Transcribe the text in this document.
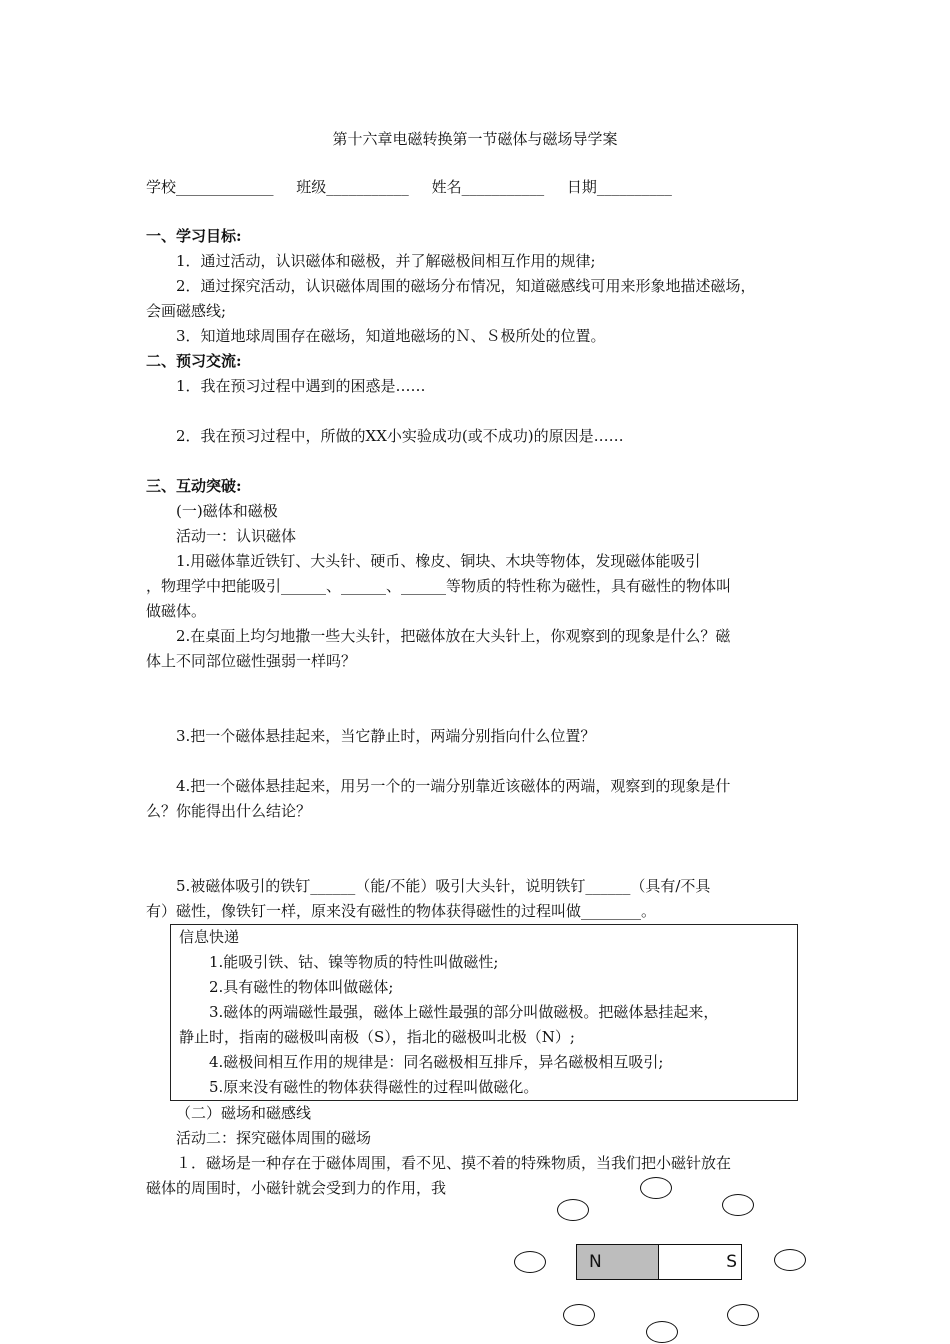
第十六章电磁转换第一节磁体与磁场导学案
学校_____________ 班级___________ 姓名___________ 日期__________

一、学习目标:

1．通过活动，认识磁体和磁极，并了解磁极间相互作用的规律;

2．通过探究活动，认识磁体周围的磁场分布情况，知道磁感线可用来形象地描述磁场，

会画磁感线;

3．知道地球周围存在磁场，知道地磁场的Ｎ、Ｓ极所处的位置。

二、预习交流:

1．我在预习过程中遇到的困惑是……

2．我在预习过程中，所做的XX小实验成功(或不成功)的原因是……

三、互动突破:

(一)磁体和磁极

活动一：认识磁体

1.用磁体靠近铁钉、大头针、硬币、橡皮、铜块、木块等物体，发现磁体能吸引

，物理学中把能吸引______、______、______等物质的特性称为磁性，具有磁性的物体叫

做磁体。

2.在桌面上均匀地撒一些大头针，把磁体放在大头针上，你观察到的现象是什么？磁

体上不同部位磁性强弱一样吗？

3.把一个磁体悬挂起来，当它静止时，两端分别指向什么位置？

4.把一个磁体悬挂起来，用另一个的一端分别靠近该磁体的两端，观察到的现象是什

么？你能得出什么结论？

5.被磁体吸引的铁钉______（能/不能）吸引大头针，说明铁钉______（具有/不具

有）磁性，像铁钉一样，原来没有磁性的物体获得磁性的过程叫做________。

信息快递

1.能吸引铁、钴、镍等物质的特性叫做磁性;

2.具有磁性的物体叫做磁体;

3.磁体的两端磁性最强，磁体上磁性最强的部分叫做磁极。把磁体悬挂起来，

静止时，指南的磁极叫南极（S），指北的磁极叫北极（N）;

4.磁极间相互作用的规律是：同名磁极相互排斥，异名磁极相互吸引;

5.原来没有磁性的物体获得磁性的过程叫做磁化。

（二）磁场和磁感线

活动二：探究磁体周围的磁场

１．磁场是一种存在于磁体周围，看不见、摸不着的特殊物质，当我们把小磁针放在

磁体的周围时，小磁针就会受到力的作用，我

N	S
